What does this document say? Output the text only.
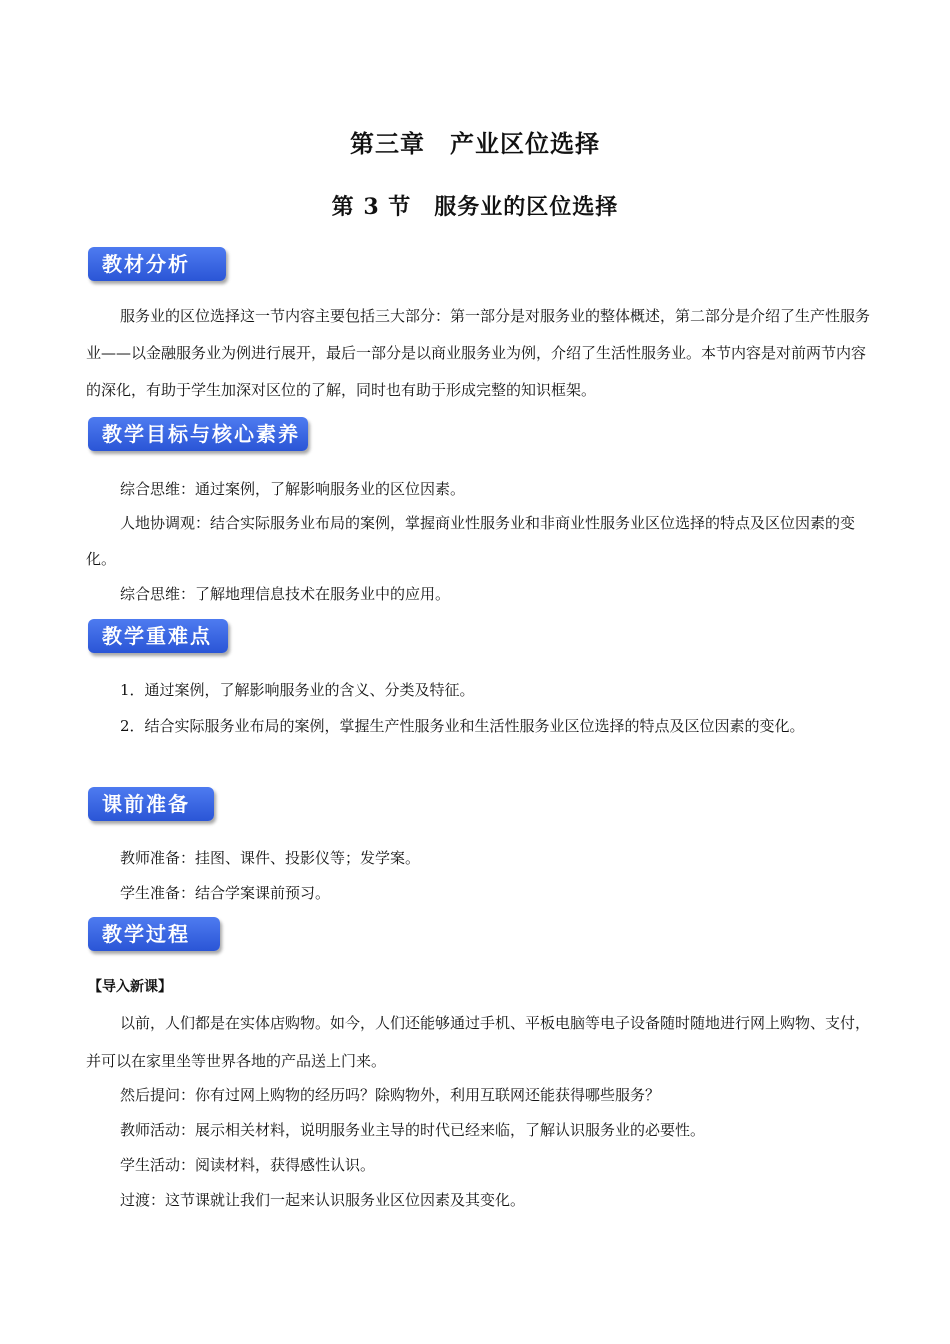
第三章　产业区位选择
第 3 节　服务业的区位选择
教材分析

服务业的区位选择这一节内容主要包括三大部分：第一部分是对服务业的整体概述，第二部分是介绍了生产性服务业——以金融服务业为例进行展开，最后一部分是以商业服务业为例，介绍了生活性服务业。本节内容是对前两节内容的深化，有助于学生加深对区位的了解，同时也有助于形成完整的知识框架。

教学目标与核心素养

综合思维：通过案例，了解影响服务业的区位因素。

人地协调观：结合实际服务业布局的案例，掌握商业性服务业和非商业性服务业区位选择的特点及区位因素的变化。

综合思维：了解地理信息技术在服务业中的应用。

教学重难点

1．通过案例，了解影响服务业的含义、分类及特征。

2．结合实际服务业布局的案例，掌握生产性服务业和生活性服务业区位选择的特点及区位因素的变化。

课前准备

教师准备：挂图、课件、投影仪等；发学案。

学生准备：结合学案课前预习。

教学过程
【导入新课】

以前，人们都是在实体店购物。如今，人们还能够通过手机、平板电脑等电子设备随时随地进行网上购物、支付，并可以在家里坐等世界各地的产品送上门来。

然后提问：你有过网上购物的经历吗？除购物外，利用互联网还能获得哪些服务？

教师活动：展示相关材料，说明服务业主导的时代已经来临，了解认识服务业的必要性。

学生活动：阅读材料，获得感性认识。

过渡：这节课就让我们一起来认识服务业区位因素及其变化。
